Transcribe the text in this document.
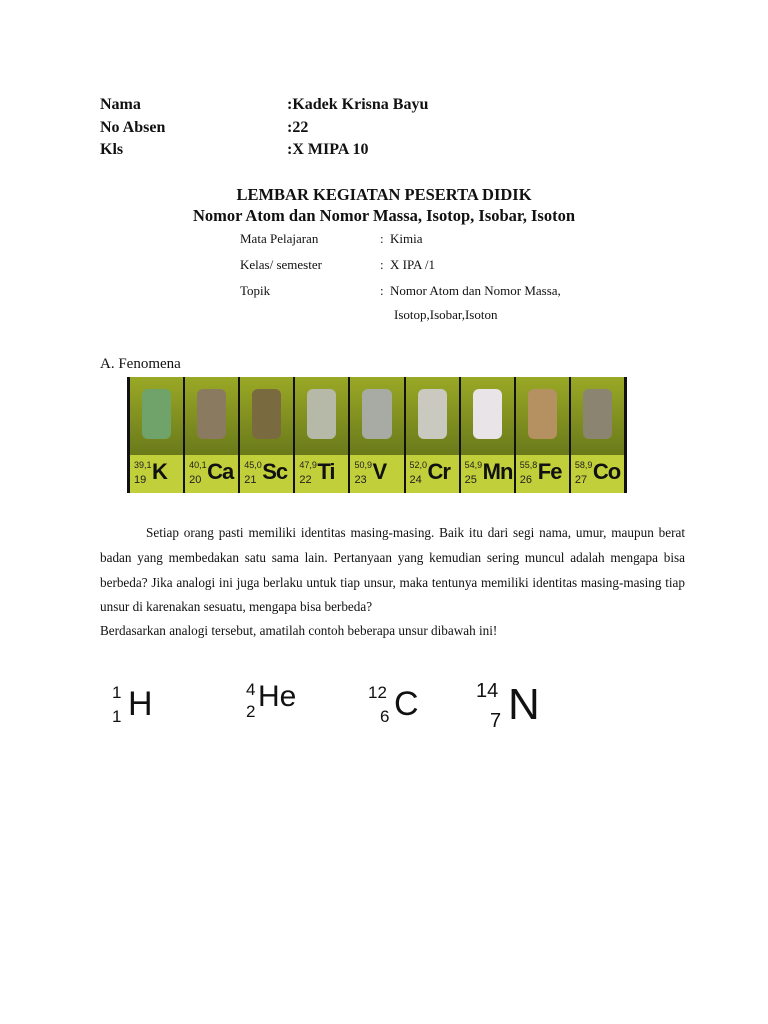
Nama	:Kadek Krisna Bayu
No Absen	:22
Kls	:X MIPA 10
LEMBAR KEGIATAN PESERTA DIDIK
Nomor Atom dan Nomor Massa, Isotop, Isobar, Isoton
Mata Pelajaran	: Kimia
Kelas/ semester	: X IPA /1
Topik	: Nomor Atom dan Nomor Massa,
Isotop,Isobar,Isoton
A. Fenomena
39,1
19 K 40,1
20 Ca 45,0
21 Sc 47,9
22 Ti 50,9
23 V	52,0
24 Cr 54,9
25 Mn 55,8
26 Fe 58,9
27 Co

Setiap orang pasti memiliki identitas masing-masing. Baik itu dari segi nama, umur, maupun berat badan yang membedakan satu sama lain. Pertanyaan yang kemudian sering muncul adalah mengapa bisa berbeda? Jika analogi ini juga berlaku untuk tiap unsur, maka tentunya memiliki identitas masing-masing tiap unsur di karenakan sesuatu, mengapa bisa berbeda?

Berdasarkan analogi tersebut, amatilah contoh beberapa unsur dibawah ini!

1
1 H	4
2 He	12
6 C	14
7 N
